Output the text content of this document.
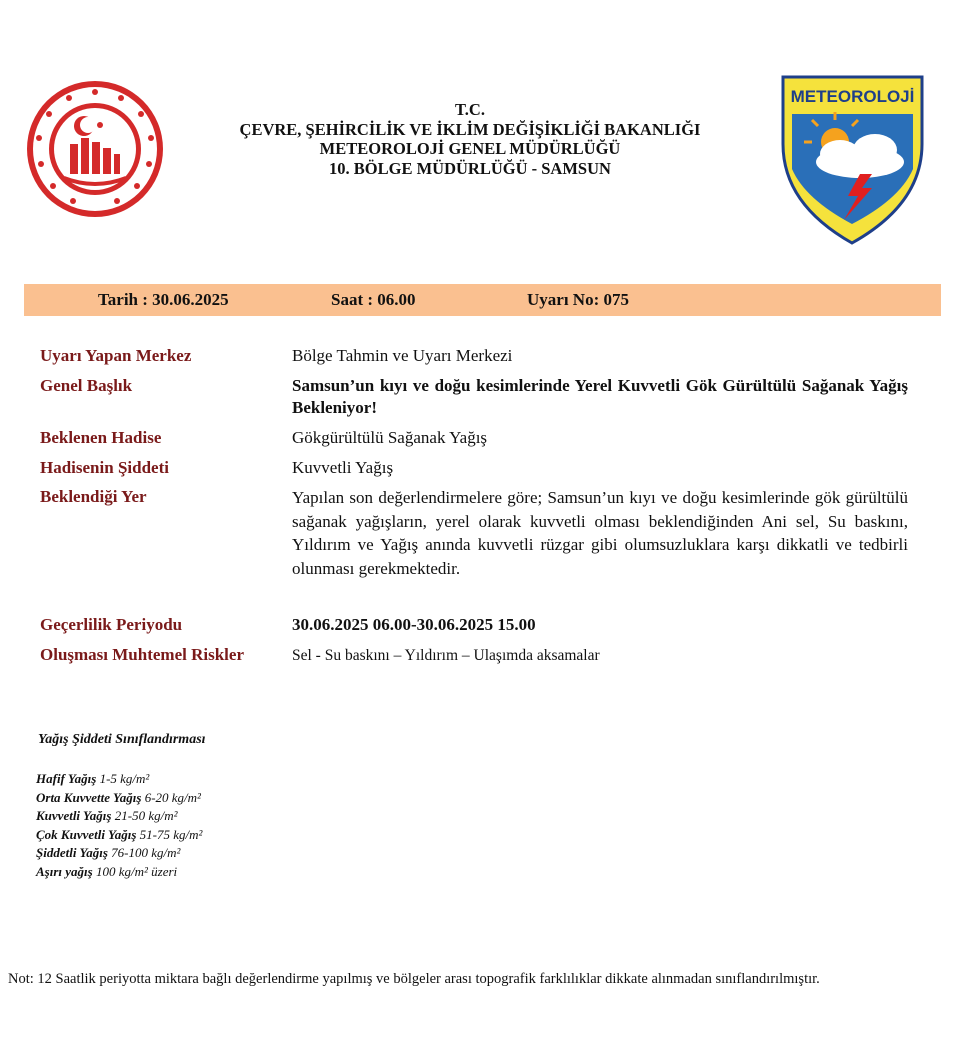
METEOROLOJİ
T.C.
ÇEVRE, ŞEHİRCİLİK VE İKLİM DEĞİŞİKLİĞİ BAKANLIĞI
METEOROLOJİ GENEL MÜDÜRLÜĞÜ
10. BÖLGE MÜDÜRLÜĞÜ - SAMSUN
Tarih : 30.06.2025	Saat : 06.00	Uyarı No: 075
Uyarı Yapan Merkez	Bölge Tahmin ve Uyarı Merkezi
Genel Başlık	Samsun’un kıyı ve doğu kesimlerinde Yerel Kuvvetli Gök Gürültülü Sağanak Yağış Bekleniyor!
Beklenen Hadise	Gökgürültülü Sağanak Yağış
Hadisenin Şiddeti	Kuvvetli Yağış
Beklendiği Yer	Yapılan son değerlendirmelere göre; Samsun’un kıyı ve doğu kesimlerinde gök gürültülü sağanak yağışların, yerel olarak kuvvetli olması beklendiğinden Ani sel, Su baskını, Yıldırım ve Yağış anında kuvvetli rüzgar gibi olumsuzluklara karşı dikkatli ve tedbirli olunması gerekmektedir.
Geçerlilik Periyodu	30.06.2025 06.00-30.06.2025 15.00
Oluşması Muhtemel Riskler	Sel - Su baskını – Yıldırım – Ulaşımda aksamalar
Yağış Şiddeti Sınıflandırması
Hafif Yağış 1-5 kg/m²
Orta Kuvvette Yağış 6-20 kg/m²
Kuvvetli Yağış 21-50 kg/m²
Çok Kuvvetli Yağış 51-75 kg/m²
Şiddetli Yağış 76-100 kg/m²
Aşırı yağış 100 kg/m² üzeri
Not: 12 Saatlik periyotta miktara bağlı değerlendirme yapılmış ve bölgeler arası topografik farklılıklar dikkate alınmadan sınıflandırılmıştır.
